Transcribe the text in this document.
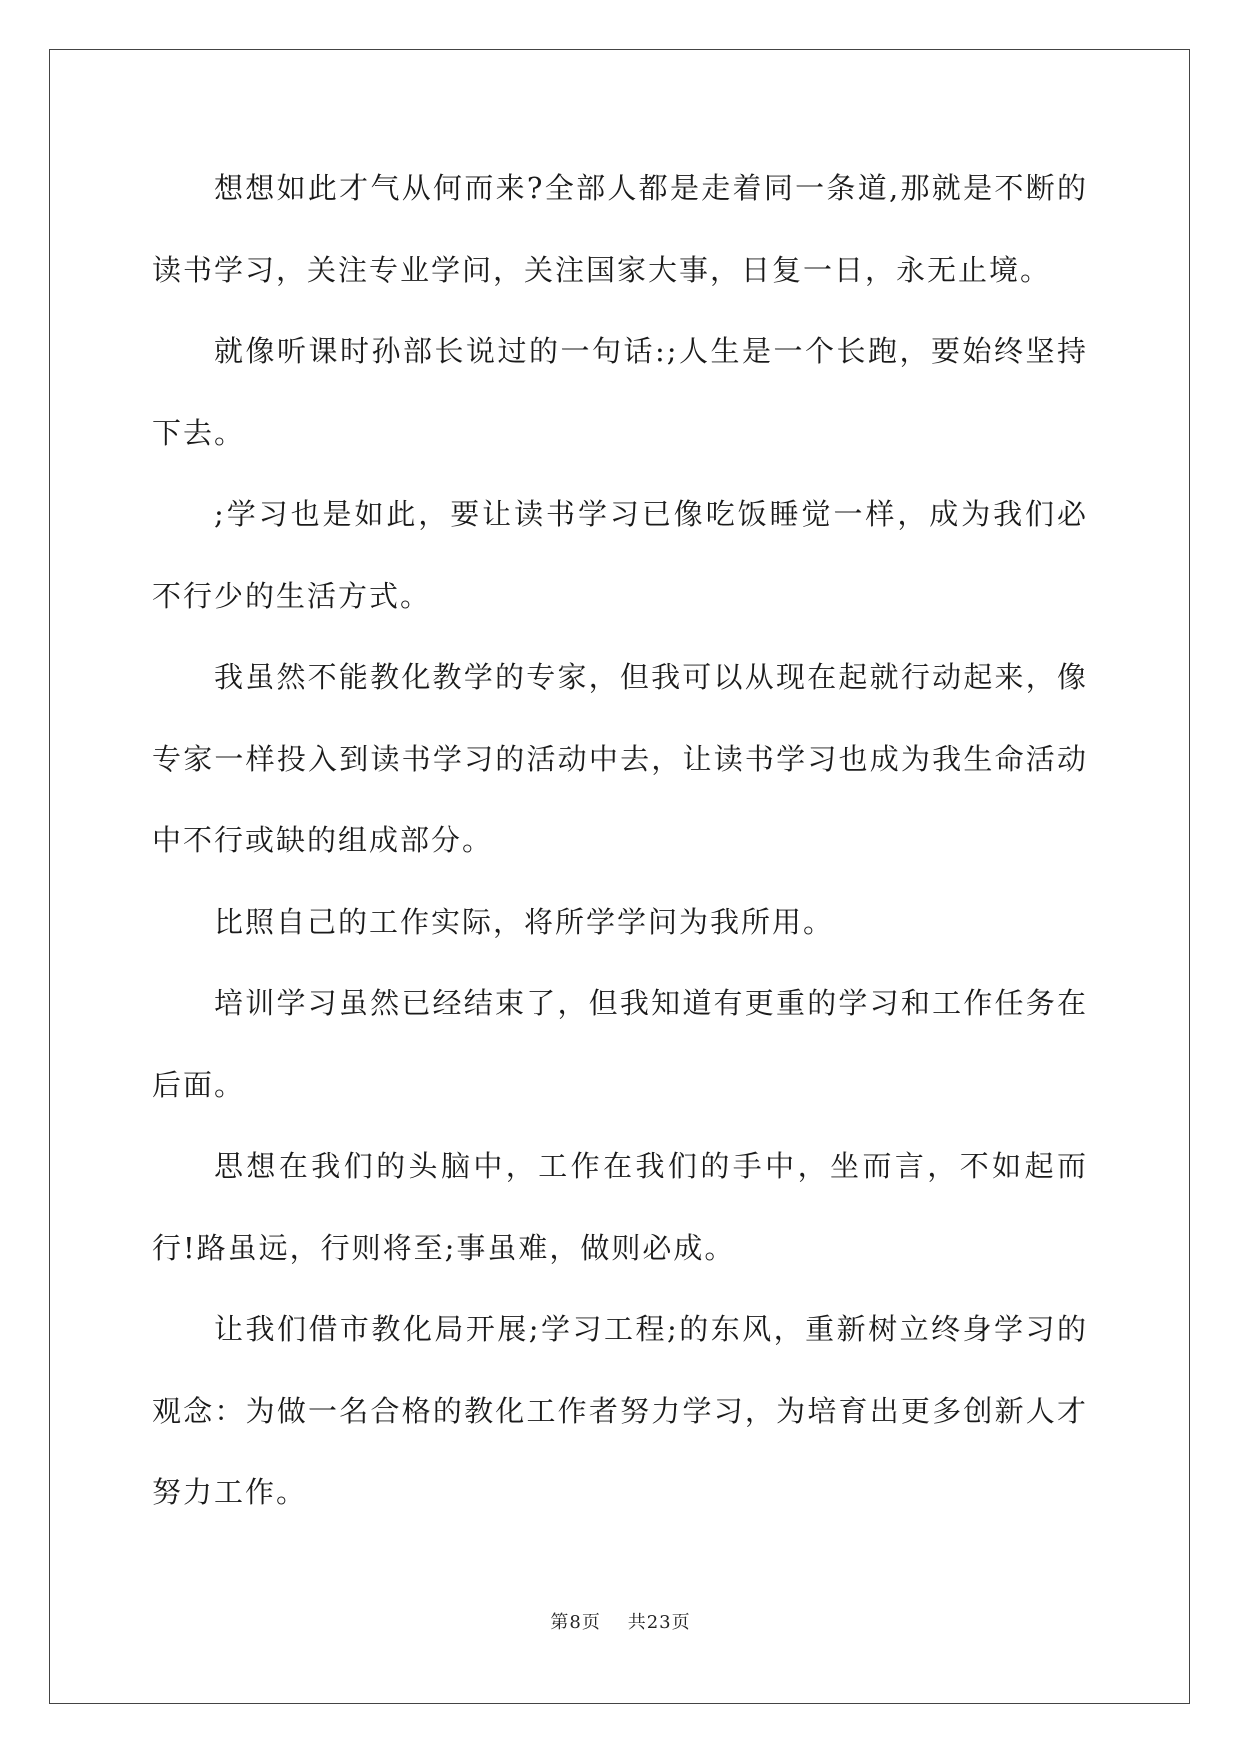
想想如此才气从何而来?全部人都是走着同一条道,那就是不断的读书学习，关注专业学问，关注国家大事，日复一日，永无止境。

就像听课时孙部长说过的一句话:;人生是一个长跑，要始终坚持下去。

;学习也是如此，要让读书学习已像吃饭睡觉一样，成为我们必不行少的生活方式。

我虽然不能教化教学的专家，但我可以从现在起就行动起来，像专家一样投入到读书学习的活动中去，让读书学习也成为我生命活动中不行或缺的组成部分。

比照自己的工作实际，将所学学问为我所用。

培训学习虽然已经结束了，但我知道有更重的学习和工作任务在后面。

思想在我们的头脑中，工作在我们的手中，坐而言，不如起而行!路虽远，行则将至;事虽难，做则必成。

让我们借市教化局开展;学习工程;的东风，重新树立终身学习的观念：为做一名合格的教化工作者努力学习，为培育出更多创新人才努力工作。

第8页 共23页
